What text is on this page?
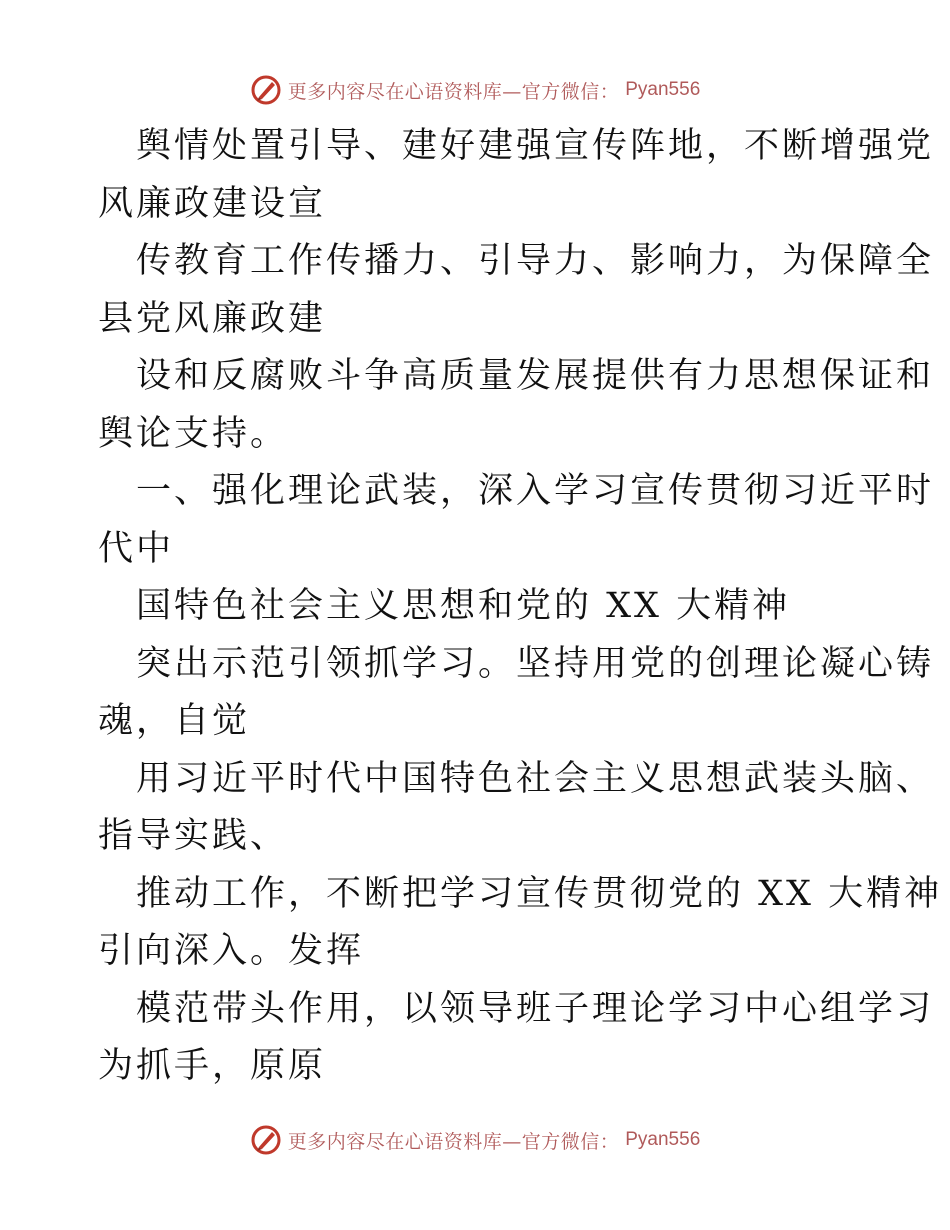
更多内容尽在心语资料库—官方微信： Pyan556
舆情处置引导、建好建强宣传阵地，不断增强党
风廉政建设宣
传教育工作传播力、引导力、影响力，为保障全
县党风廉政建
设和反腐败斗争高质量发展提供有力思想保证和
舆论支持。
一、强化理论武装，深入学习宣传贯彻习近平时
代中
国特色社会主义思想和党的 XX 大精神
突出示范引领抓学习。坚持用党的创理论凝心铸
魂，自觉
用习近平时代中国特色社会主义思想武装头脑、
指导实践、
推动工作，不断把学习宣传贯彻党的 XX 大精神
引向深入。发挥
模范带头作用，以领导班子理论学习中心组学习
为抓手，原原
更多内容尽在心语资料库—官方微信： Pyan556
